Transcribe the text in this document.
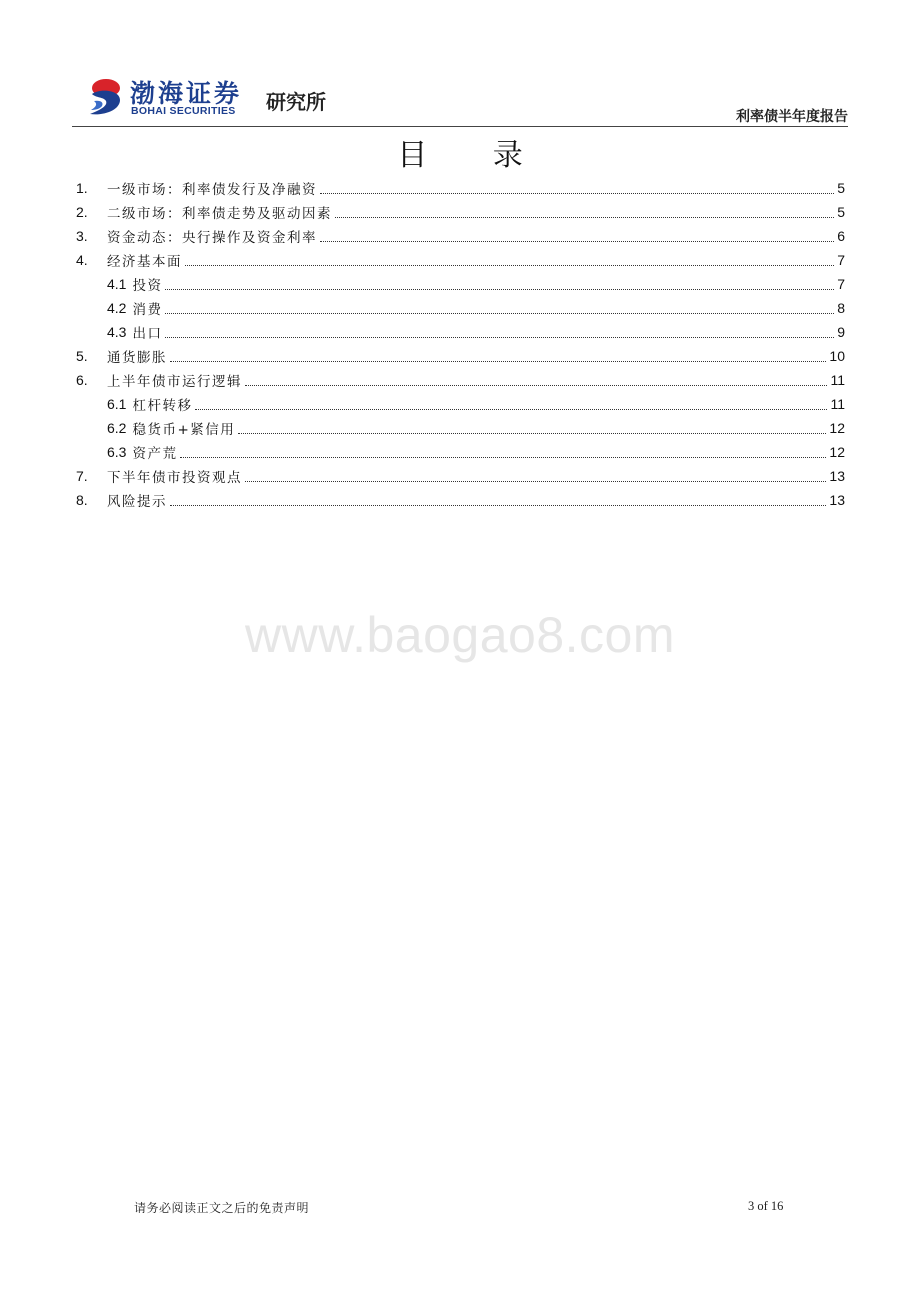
渤海证券
BOHAI SECURITIES 研究所
利率债半年度报告
目 录
1.	一级市场：利率债发行及净融资	5
2.	二级市场：利率债走势及驱动因素	5
3.	资金动态：央行操作及资金利率	6
4.	经济基本面	7
4.1 投资	7
4.2 消费	8
4.3 出口	9
5.	通货膨胀	10
6.	上半年债市运行逻辑	11
6.1 杠杆转移	11
6.2 稳货币+紧信用	12
6.3 资产荒	12
7.	下半年债市投资观点	13
8.	风险提示	13
www.baogao8.com
请务必阅读正文之后的免责声明	3 of 16
